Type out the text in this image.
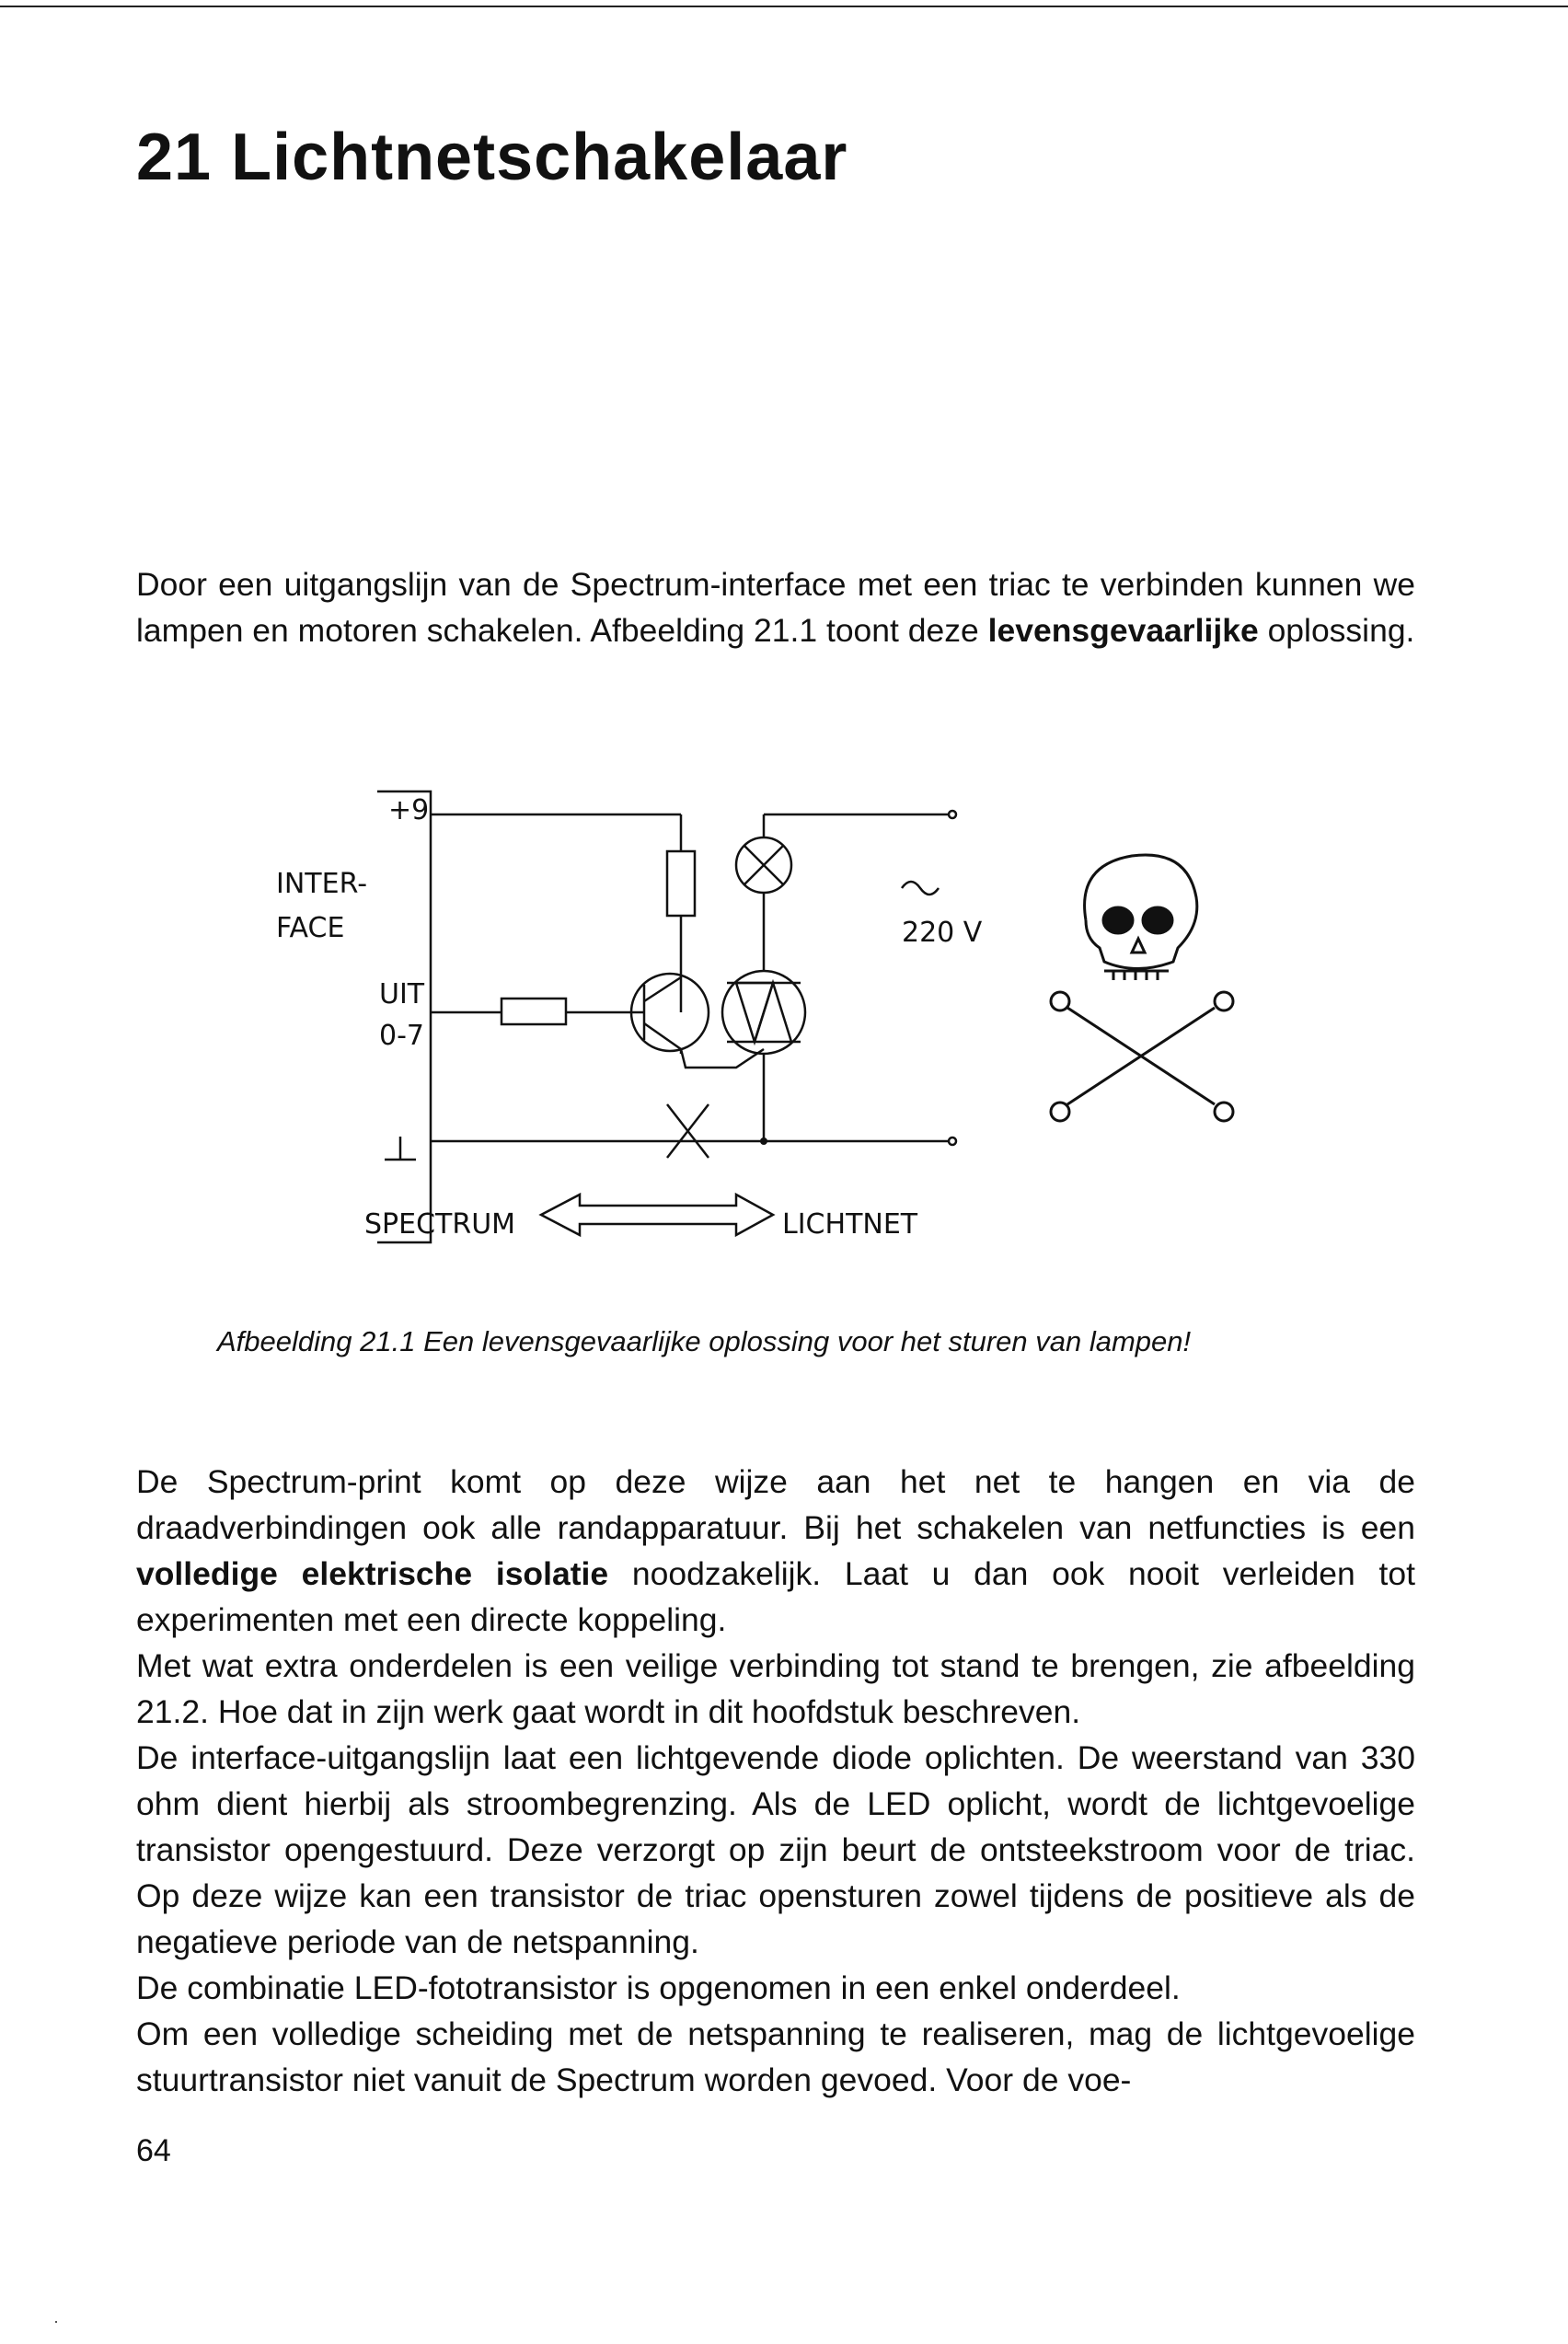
21 Lichtnetschakelaar

Door een uitgangslijn van de Spectrum-interface met een triac te verbinden kunnen we lampen en motoren schakelen. Afbeelding 21.1 toont deze levensgevaarlijke oplossing.

+9
INTER-
FACE
UIT
0-7
220 V
SPECTRUM	LICHTNET

Afbeelding 21.1 Een levensgevaarlijke oplossing voor het sturen van lampen!

De Spectrum-print komt op deze wijze aan het net te hangen en via de draadverbindingen ook alle randapparatuur. Bij het schakelen van netfuncties is een volledige elektrische isolatie noodzakelijk. Laat u dan ook nooit verleiden tot experimenten met een directe koppeling.

Met wat extra onderdelen is een veilige verbinding tot stand te brengen, zie afbeelding 21.2. Hoe dat in zijn werk gaat wordt in dit hoofdstuk beschreven.

De interface-uitgangslijn laat een lichtgevende diode oplichten. De weerstand van 330 ohm dient hierbij als stroombegrenzing. Als de LED oplicht, wordt de lichtgevoelige transistor opengestuurd. Deze verzorgt op zijn beurt de ontsteekstroom voor de triac. Op deze wijze kan een transistor de triac opensturen zowel tijdens de positieve als de negatieve periode van de netspanning.

De combinatie LED-fototransistor is opgenomen in een enkel onderdeel.

Om een volledige scheiding met de netspanning te realiseren, mag de lichtgevoelige stuurtransistor niet vanuit de Spectrum worden gevoed. Voor de voe-

64
